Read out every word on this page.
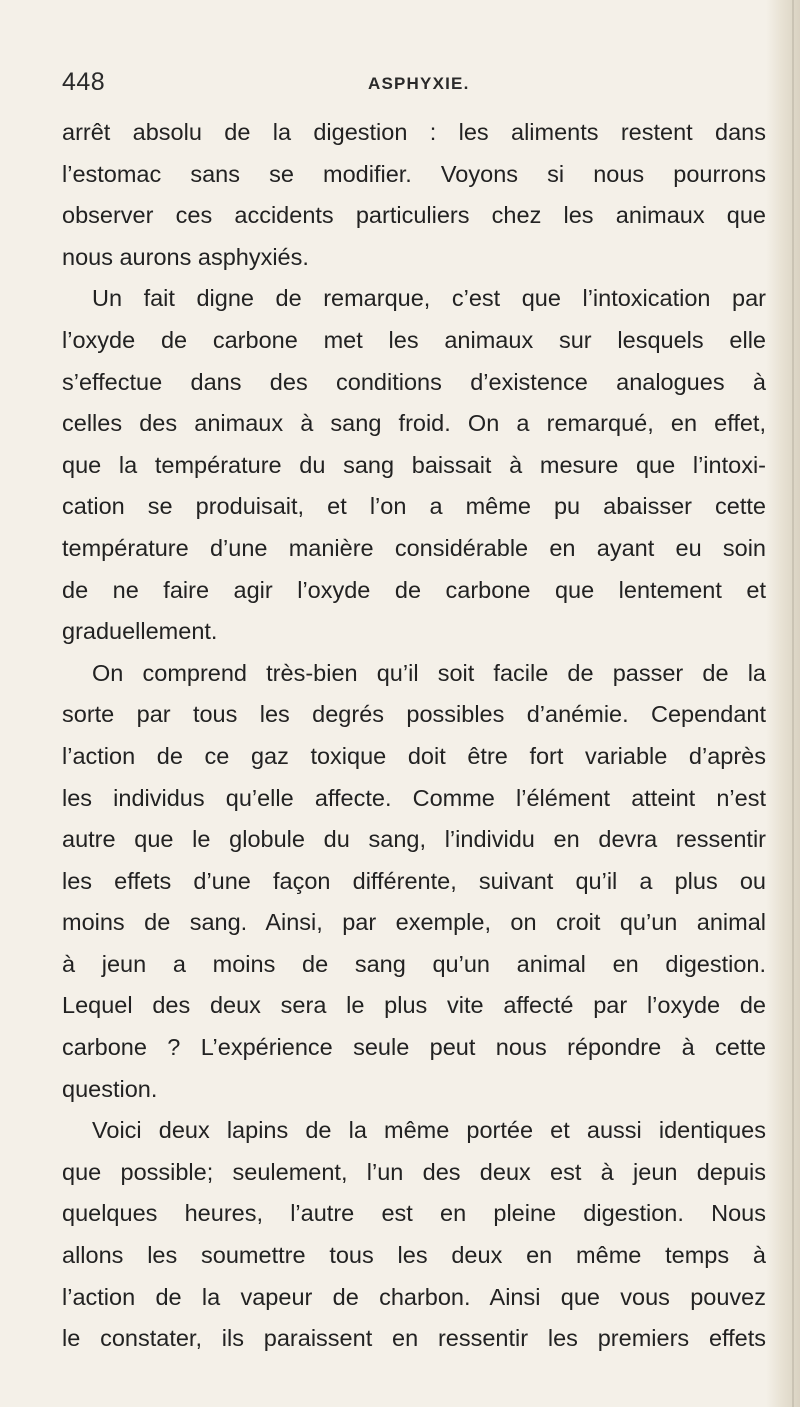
448	ASPHYXIE.
arrêt absolu de la digestion : les aliments restent dans
l’estomac sans se modifier. Voyons si nous pourrons
observer ces accidents particuliers chez les animaux que
nous aurons asphyxiés.
Un fait digne de remarque, c’est que l’intoxication par
l’oxyde de carbone met les animaux sur lesquels elle
s’effectue dans des conditions d’existence analogues à
celles des animaux à sang froid. On a remarqué, en effet,
que la température du sang baissait à mesure que l’intoxi-
cation se produisait, et l’on a même pu abaisser cette
température d’une manière considérable en ayant eu soin
de ne faire agir l’oxyde de carbone que lentement et
graduellement.
On comprend très-bien qu’il soit facile de passer de la
sorte par tous les degrés possibles d’anémie. Cependant
l’action de ce gaz toxique doit être fort variable d’après
les individus qu’elle affecte. Comme l’élément atteint n’est
autre que le globule du sang, l’individu en devra ressentir
les effets d’une façon différente, suivant qu’il a plus ou
moins de sang. Ainsi, par exemple, on croit qu’un animal
à jeun a moins de sang qu’un animal en digestion.
Lequel des deux sera le plus vite affecté par l’oxyde de
carbone ? L’expérience seule peut nous répondre à cette
question.
Voici deux lapins de la même portée et aussi identiques
que possible; seulement, l’un des deux est à jeun depuis
quelques heures, l’autre est en pleine digestion. Nous
allons les soumettre tous les deux en même temps à
l’action de la vapeur de charbon. Ainsi que vous pouvez
le constater, ils paraissent en ressentir les premiers effets
